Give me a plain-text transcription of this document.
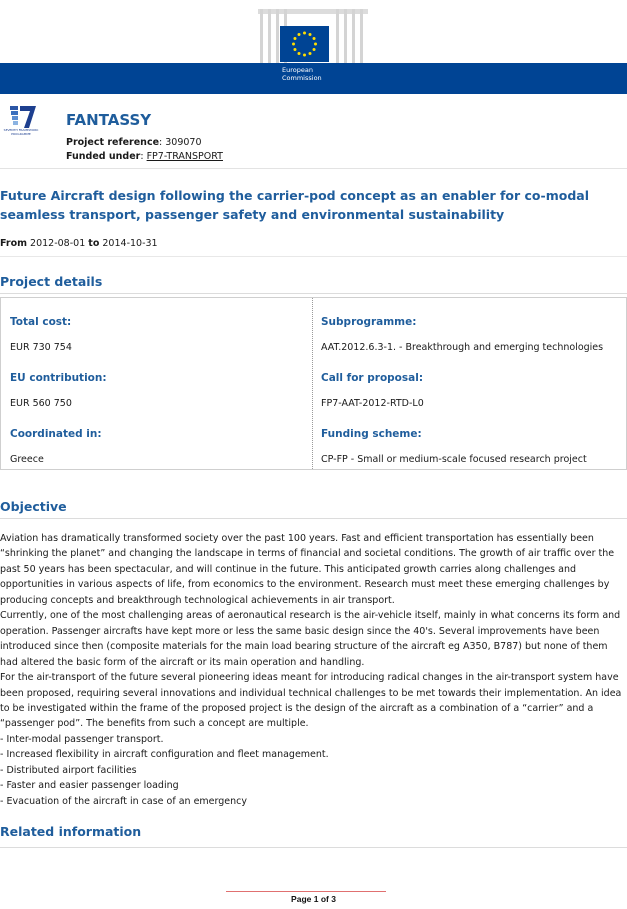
European
Commission
SEVENTH FRAMEWORK PROGRAMME
FANTASSY
Project reference: 309070
Funded under: FP7-TRANSPORT
Future Aircraft design following the carrier-pod concept as an enabler for co-modal seamless transport, passenger safety and environmental sustainability
From 2012-08-01 to 2014-10-31
Project details
Total cost:
EUR 730 754
EU contribution:
EUR 560 750
Coordinated in:
Greece
Subprogramme:
AAT.2012.6.3-1. - Breakthrough and emerging technologies
Call for proposal:
FP7-AAT-2012-RTD-L0
Funding scheme:
CP-FP - Small or medium-scale focused research project
Objective
Aviation has dramatically transformed society over the past 100 years. Fast and efficient transportation has essentially been “shrinking the planet” and changing the landscape in terms of financial and societal conditions. The growth of air traffic over the past 50 years has been spectacular, and will continue in the future. This anticipated growth carries along challenges and opportunities in various aspects of life, from economics to the environment. Research must meet these emerging challenges by producing concepts and breakthrough technological achievements in air transport.
Currently, one of the most challenging areas of aeronautical research is the air-vehicle itself, mainly in what concerns its form and operation. Passenger aircrafts have kept more or less the same basic design since the 40's. Several improvements have been introduced since then (composite materials for the main load bearing structure of the aircraft eg A350, B787) but none of them had altered the basic form of the aircraft or its main operation and handling.
For the air-transport of the future several pioneering ideas meant for introducing radical changes in the air-transport system have been proposed, requiring several innovations and individual technical challenges to be met towards their implementation. An idea to be investigated within the frame of the proposed project is the design of the aircraft as a combination of a “carrier” and a “passenger pod”. The benefits from such a concept are multiple.
- Inter-modal passenger transport.
- Increased flexibility in aircraft configuration and fleet management.
- Distributed airport facilities
- Faster and easier passenger loading
- Evacuation of the aircraft in case of an emergency
Related information
Page 1 of 3
